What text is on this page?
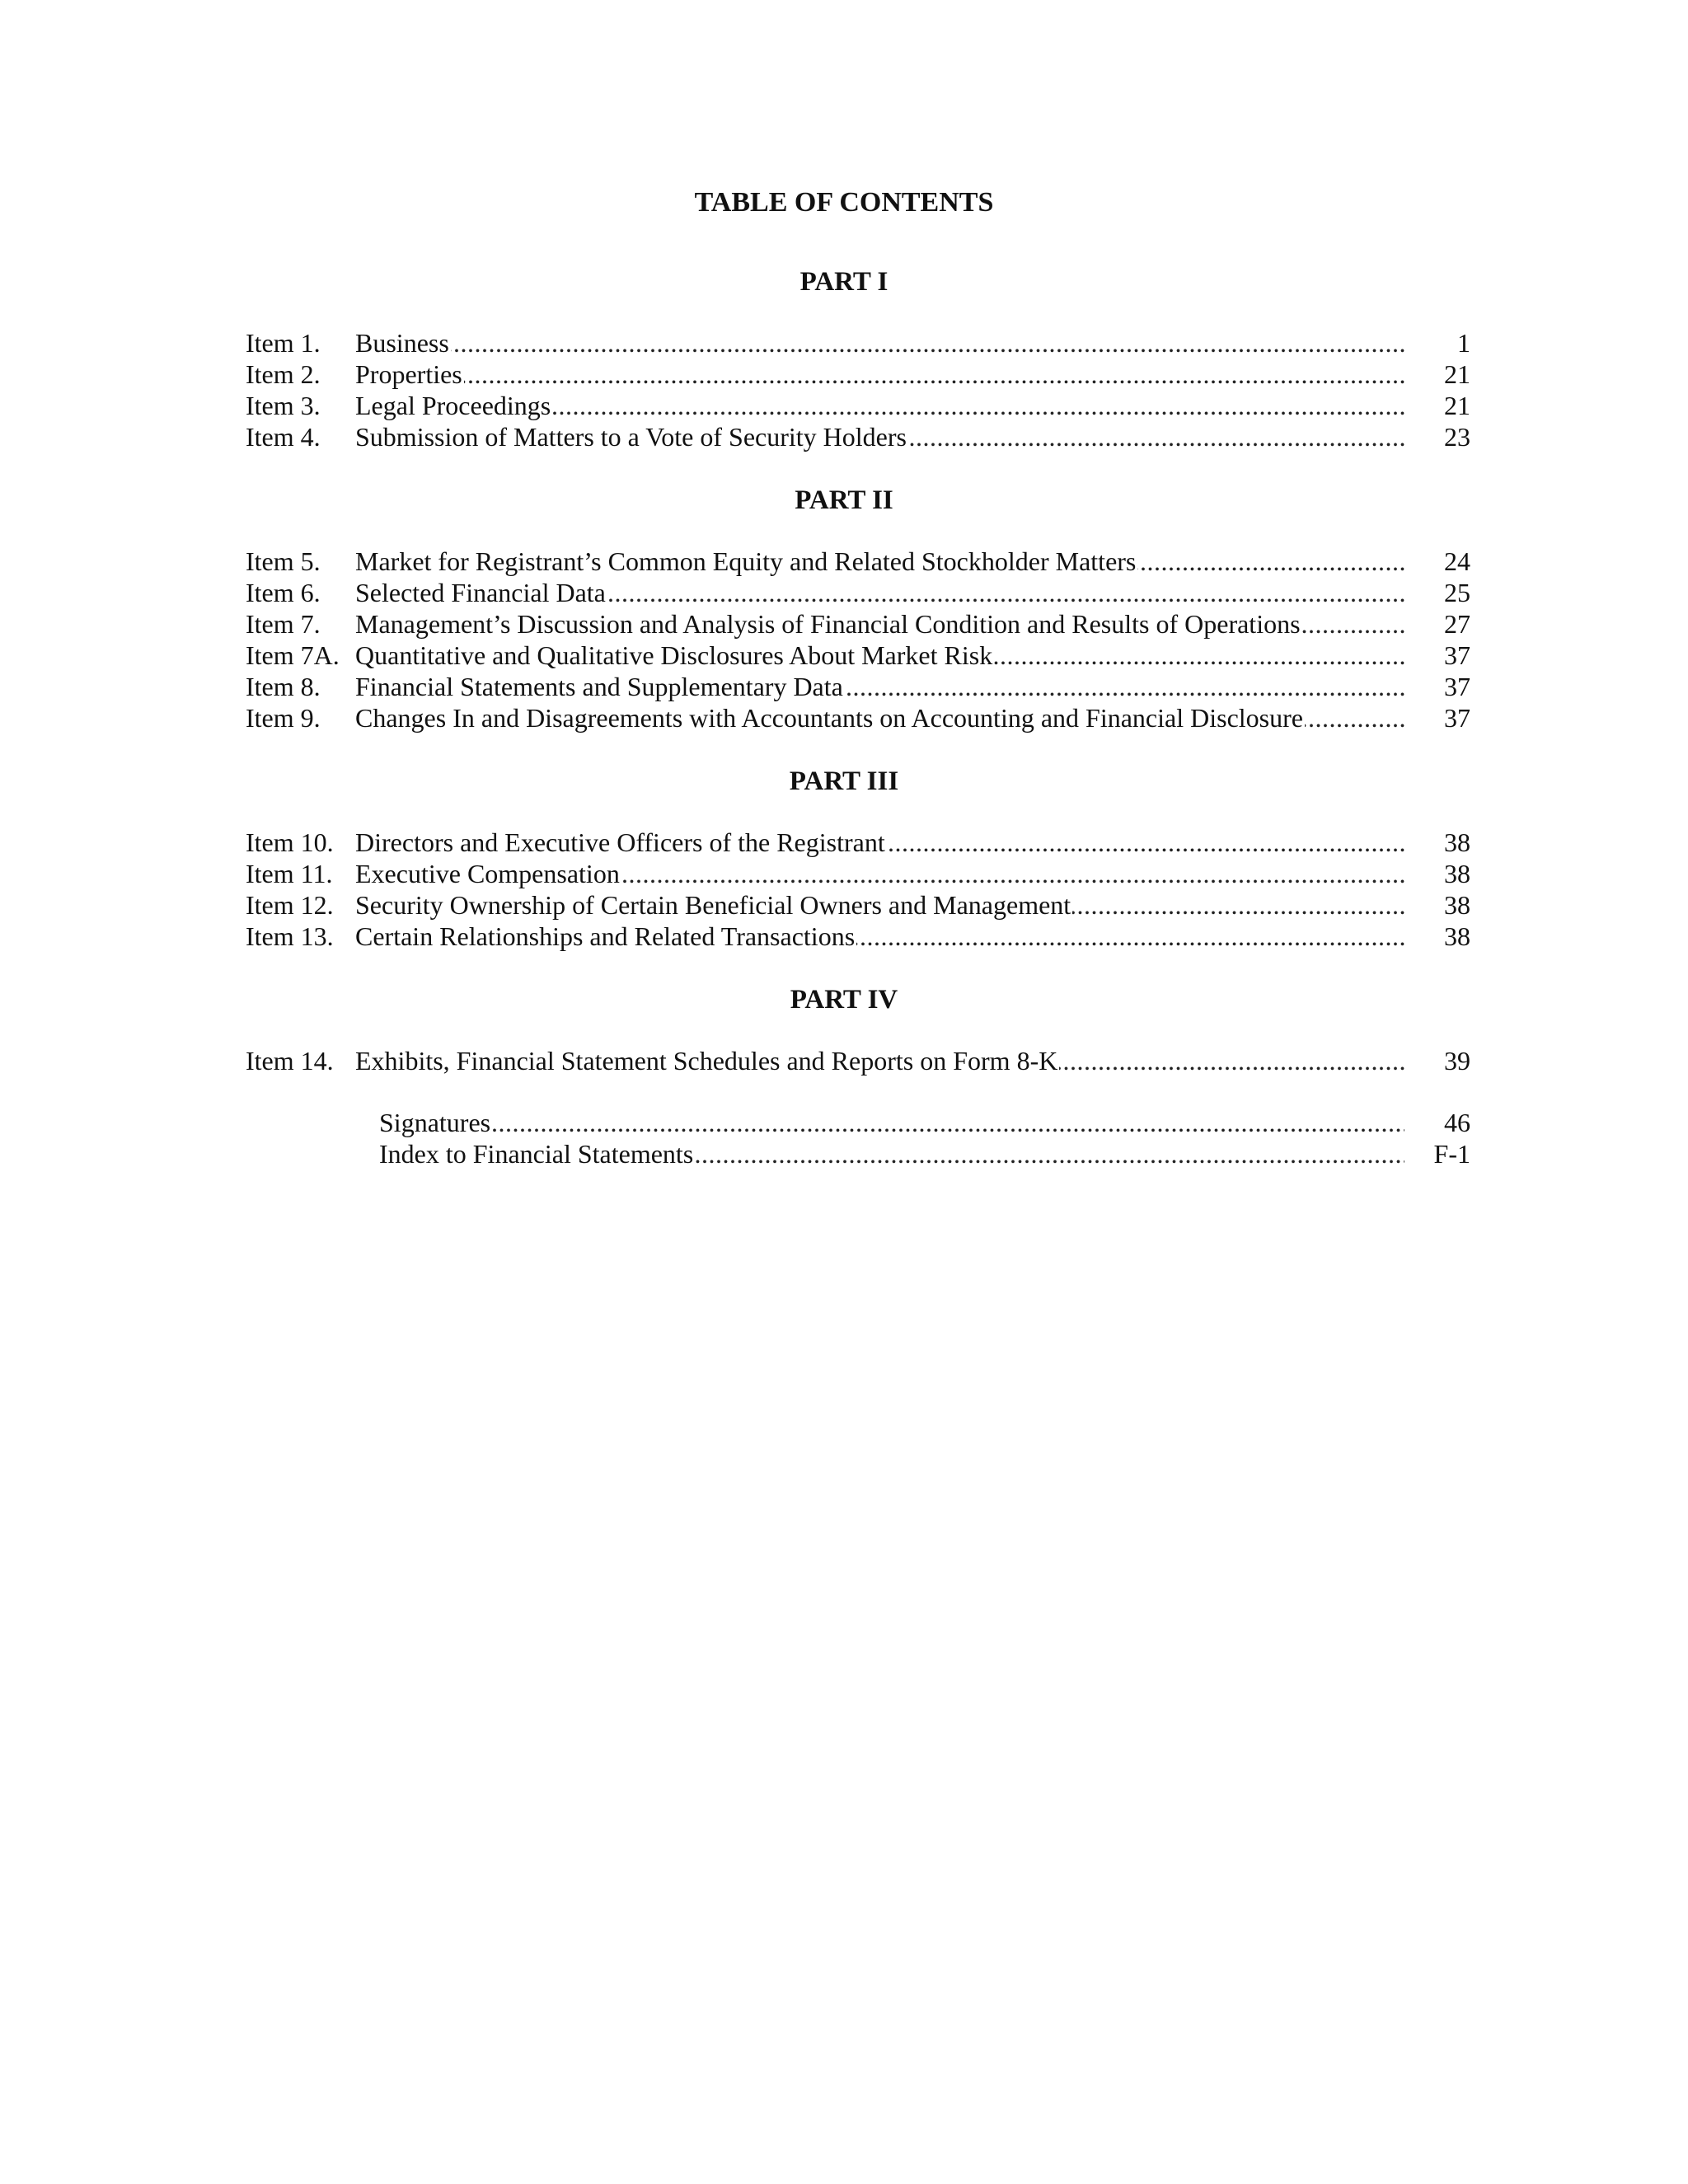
TABLE OF CONTENTS
PART I
Item 1.	Business .....	1
Item 2.	Properties .....	21
Item 3.	Legal Proceedings .....	21
Item 4.	Submission of Matters to a Vote of Security Holders .....	23
PART II
Item 5.	Market for Registrant’s Common Equity and Related Stockholder Matters .....	24
Item 6.	Selected Financial Data .....	25
Item 7.	Management’s Discussion and Analysis of Financial Condition and Results of Operations .....	27
Item 7A. Quantitative and Qualitative Disclosures About Market Risk .....	37
Item 8.	Financial Statements and Supplementary Data .....	37
Item 9.	Changes In and Disagreements with Accountants on Accounting and Financial Disclosure .....	37
PART III
Item 10. Directors and Executive Officers of the Registrant .....	38
Item 11. Executive Compensation .....	38
Item 12. Security Ownership of Certain Beneficial Owners and Management .....	38
Item 13. Certain Relationships and Related Transactions .....	38
PART IV
Item 14. Exhibits, Financial Statement Schedules and Reports on Form 8-K .....	39
Signatures .....	46
Index to Financial Statements .....	F-1
